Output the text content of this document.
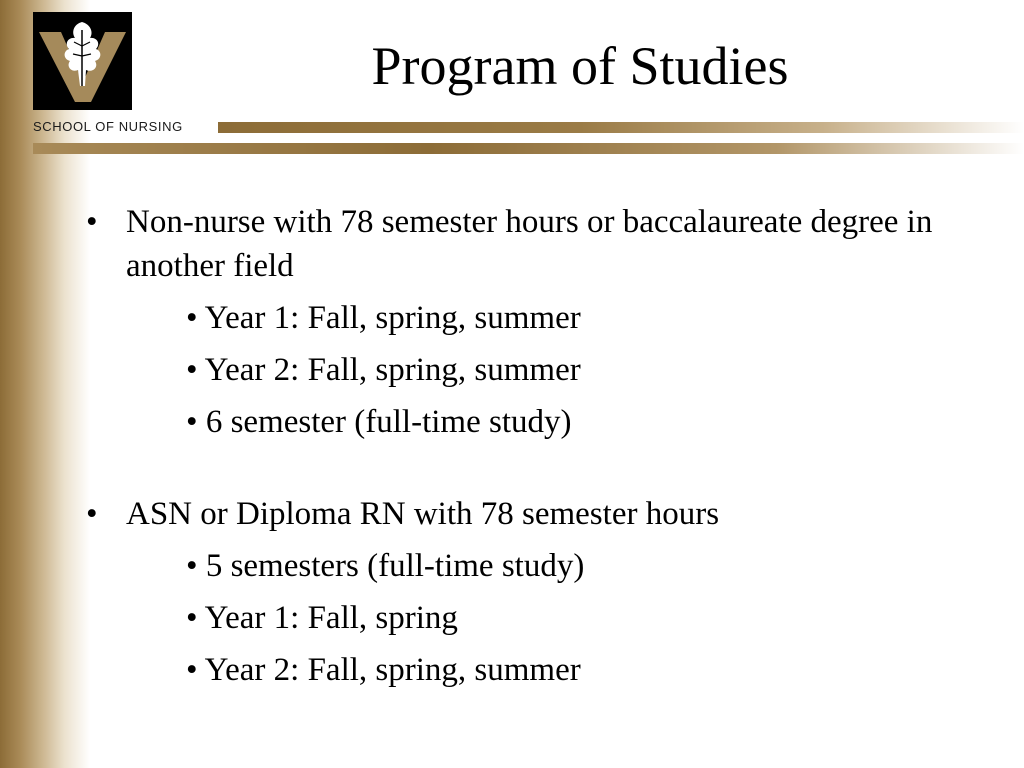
SCHOOL OF NURSING
Program of Studies
• Non-nurse with 78 semester hours or baccalaureate degree in another field
• Year 1: Fall, spring, summer
• Year 2: Fall, spring, summer
• 6 semester (full-time study)
• ASN or Diploma RN with 78 semester hours
• 5 semesters (full-time study)
• Year 1: Fall, spring
• Year 2: Fall, spring, summer
